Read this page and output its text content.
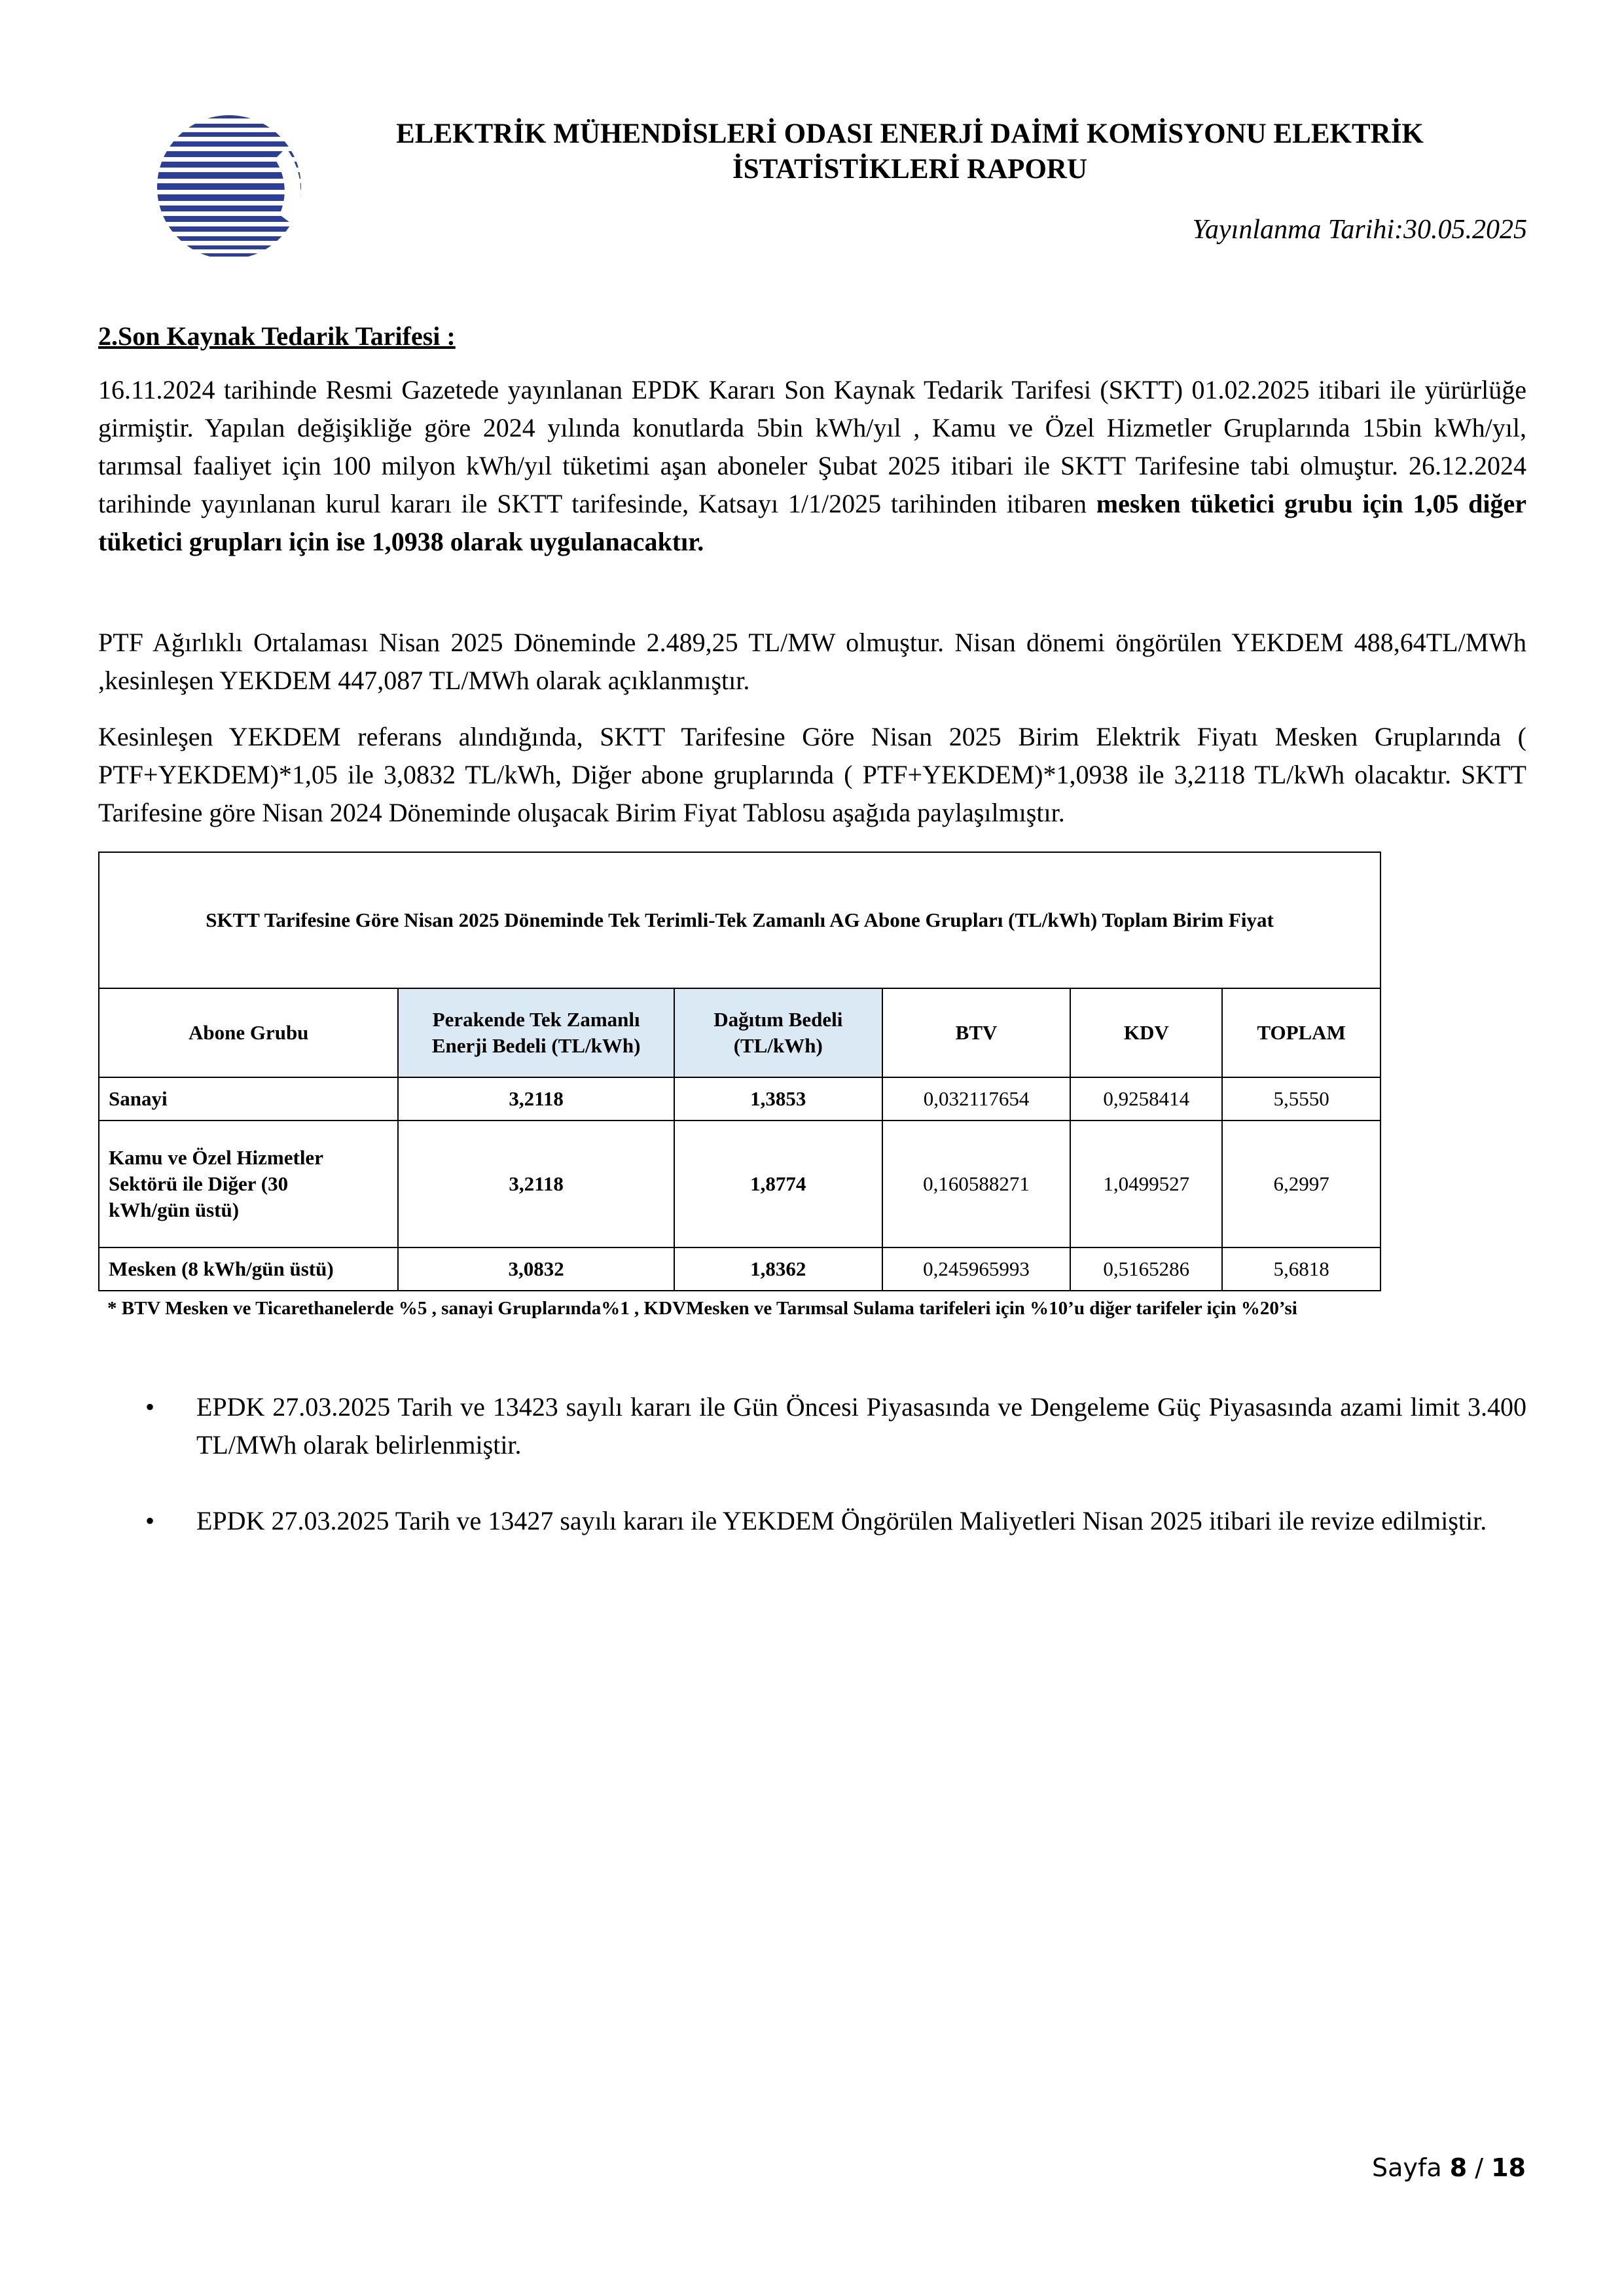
ELEKTRİK MÜHENDİSLERİ ODASI ENERJİ DAİMİ KOMİSYONU ELEKTRİK
İSTATİSTİKLERİ RAPORU
Yayınlanma Tarihi:30.05.2025
2.Son Kaynak Tedarik Tarifesi :

16.11.2024 tarihinde Resmi Gazetede yayınlanan EPDK Kararı Son Kaynak Tedarik Tarifesi (SKTT) 01.02.2025 itibari ile yürürlüğe girmiştir. Yapılan değişikliğe göre 2024 yılında konutlarda 5bin kWh/yıl , Kamu ve Özel Hizmetler Gruplarında 15bin kWh/yıl, tarımsal faaliyet için 100 milyon kWh/yıl tüketimi aşan aboneler Şubat 2025 itibari ile SKTT Tarifesine tabi olmuştur. 26.12.2024 tarihinde yayınlanan kurul kararı ile SKTT tarifesinde, Katsayı 1/1/2025 tarihinden itibaren mesken tüketici grubu için 1,05 diğer tüketici grupları için ise 1,0938 olarak uygulanacaktır.

PTF Ağırlıklı Ortalaması Nisan 2025 Döneminde 2.489,25 TL/MW olmuştur. Nisan dönemi öngörülen YEKDEM 488,64TL/MWh ,kesinleşen YEKDEM 447,087 TL/MWh olarak açıklanmıştır.

Kesinleşen YEKDEM referans alındığında, SKTT Tarifesine Göre Nisan 2025 Birim Elektrik Fiyatı Mesken Gruplarında ( PTF+YEKDEM)*1,05 ile 3,0832 TL/kWh, Diğer abone gruplarında ( PTF+YEKDEM)*1,0938 ile 3,2118 TL/kWh olacaktır. SKTT Tarifesine göre Nisan 2024 Döneminde oluşacak Birim Fiyat Tablosu aşağıda paylaşılmıştır.

SKTT Tarifesine Göre Nisan 2025 Döneminde Tek Terimli-Tek Zamanlı AG Abone Grupları (TL/kWh) Toplam Birim Fiyat					
Abone Grubu	Perakende Tek Zamanlı Enerji Bedeli (TL/kWh)	Dağıtım Bedeli (TL/kWh)	BTV	KDV	TOPLAM
Sanayi	3,2118	1,3853	0,032117654	0,9258414	5,5550
Kamu ve Özel Hizmetler Sektörü ile Diğer (30 kWh/gün üstü)	3,2118	1,8774	0,160588271	1,0499527	6,2997
Mesken (8 kWh/gün üstü)	3,0832	1,8362	0,245965993	0,5165286	5,6818
* BTV Mesken ve Ticarethanelerde %5 , sanayi Gruplarında%1 , KDVMesken ve Tarımsal Sulama tarifeleri için %10’u diğer tarifeler için %20’si
• EPDK 27.03.2025 Tarih ve 13423 sayılı kararı ile Gün Öncesi Piyasasında ve Dengeleme Güç Piyasasında azami limit 3.400 TL/MWh olarak belirlenmiştir.
• EPDK 27.03.2025 Tarih ve 13427 sayılı kararı ile YEKDEM Öngörülen Maliyetleri Nisan 2025 itibari ile revize edilmiştir.
Sayfa 8 / 18
